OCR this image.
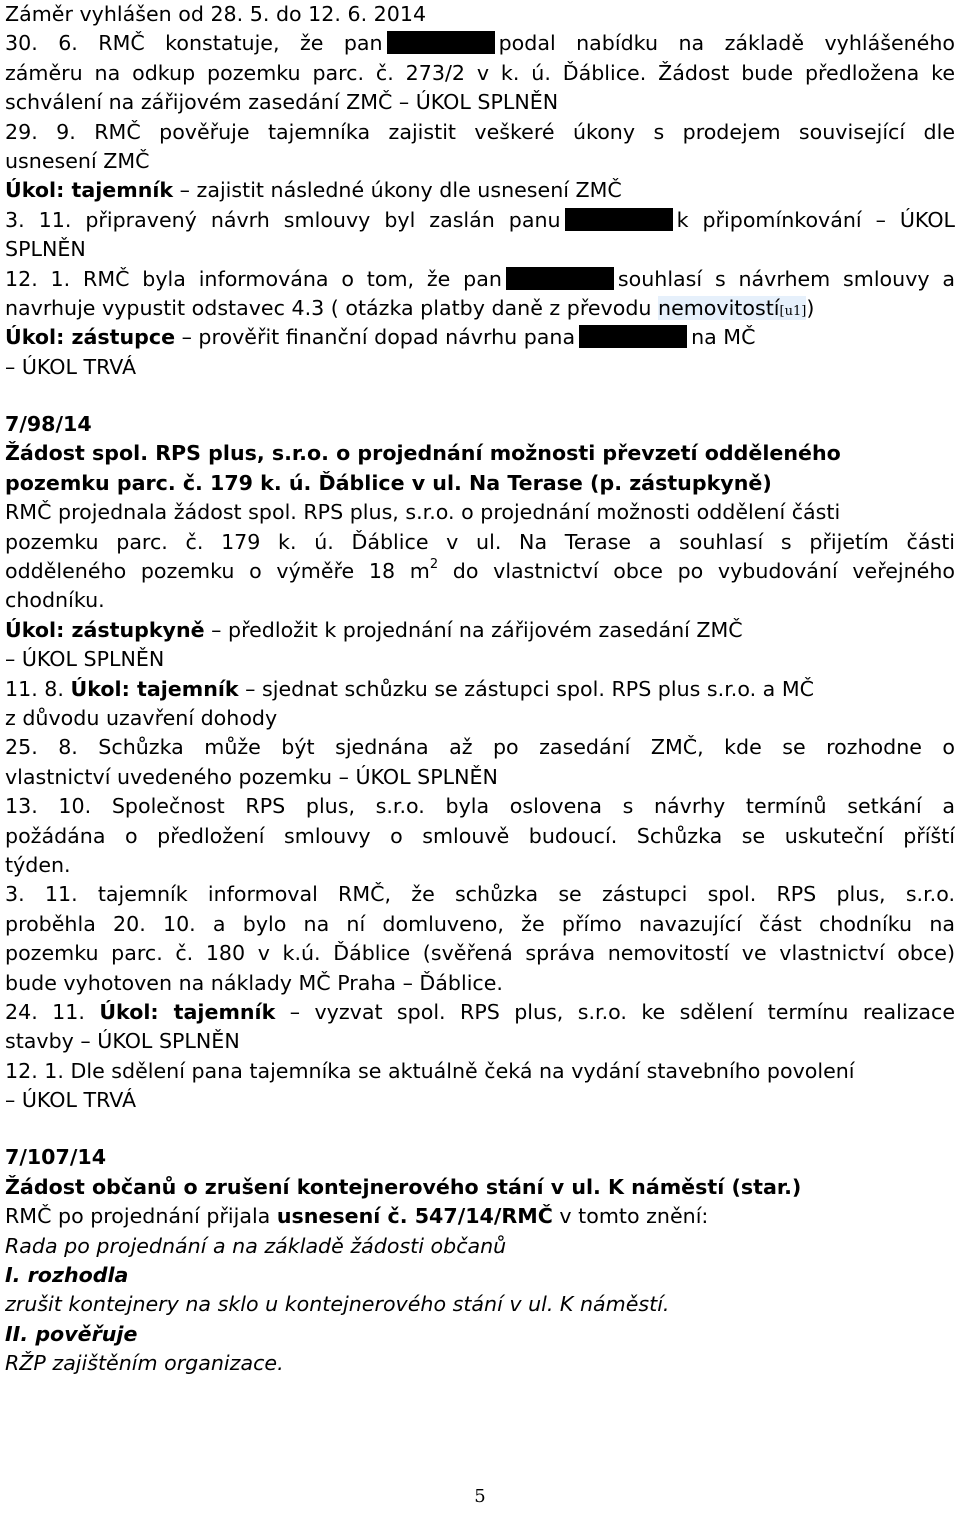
Záměr vyhlášen od 28. 5. do 12. 6. 2014
30. 6. RMČ konstatuje, že pan	podal nabídku na základě vyhlášeného
záměru na odkup pozemku parc. č. 273/2 v k. ú. Ďáblice. Žádost bude předložena ke
schválení na zářijovém zasedání ZMČ – ÚKOL SPLNĚN
29. 9. RMČ pověřuje tajemníka zajistit veškeré úkony s prodejem související dle
usnesení ZMČ
Úkol: tajemník – zajistit následné úkony dle usnesení ZMČ
3. 11. připravený návrh smlouvy byl zaslán panu	k připomínkování – ÚKOL
SPLNĚN
12. 1. RMČ byla informována o tom, že pan	souhlasí s návrhem smlouvy a
navrhuje vypustit odstavec 4.3 ( otázka platby daně z převodu nemovitostí[u1])
Úkol: zástupce – prověřit finanční dopad návrhu pana	na MČ
– ÚKOL TRVÁ
7/98/14
Žádost spol. RPS plus, s.r.o. o projednání možnosti převzetí odděleného
pozemku parc. č. 179 k. ú. Ďáblice v ul. Na Terase (p. zástupkyně)
RMČ projednala žádost spol. RPS plus, s.r.o. o projednání možnosti oddělení části
pozemku parc. č. 179 k. ú. Ďáblice v ul. Na Terase a souhlasí s přijetím části
odděleného pozemku o výměře 18 $m^2$ do vlastnictví obce po vybudování veřejného
chodníku.
Úkol: zástupkyně – předložit k projednání na zářijovém zasedání ZMČ
– ÚKOL SPLNĚN
11. 8. Úkol: tajemník – sjednat schůzku se zástupci spol. RPS plus s.r.o. a MČ
z důvodu uzavření dohody
25. 8. Schůzka může být sjednána až po zasedání ZMČ, kde se rozhodne o
vlastnictví uvedeného pozemku – ÚKOL SPLNĚN
13. 10. Společnost RPS plus, s.r.o. byla oslovena s návrhy termínů setkání a
požádána o předložení smlouvy o smlouvě budoucí. Schůzka se uskuteční příští
týden.
3. 11. tajemník informoval RMČ, že schůzka se zástupci spol. RPS plus, s.r.o.
proběhla 20. 10. a bylo na ní domluveno, že přímo navazující část chodníku na
pozemku parc. č. 180 v k.ú. Ďáblice (svěřená správa nemovitostí ve vlastnictví obce)
bude vyhotoven na náklady MČ Praha – Ďáblice.
24. 11. Úkol: tajemník – vyzvat spol. RPS plus, s.r.o. ke sdělení termínu realizace
stavby – ÚKOL SPLNĚN
12. 1. Dle sdělení pana tajemníka se aktuálně čeká na vydání stavebního povolení
– ÚKOL TRVÁ
7/107/14
Žádost občanů o zrušení kontejnerového stání v ul. K náměstí (star.)
RMČ po projednání přijala usnesení č. 547/14/RMČ v tomto znění:
Rada po projednání a na základě žádosti občanů
I. rozhodla
zrušit kontejnery na sklo u kontejnerového stání v ul. K náměstí.
II. pověřuje
RŽP zajištěním organizace.
5
